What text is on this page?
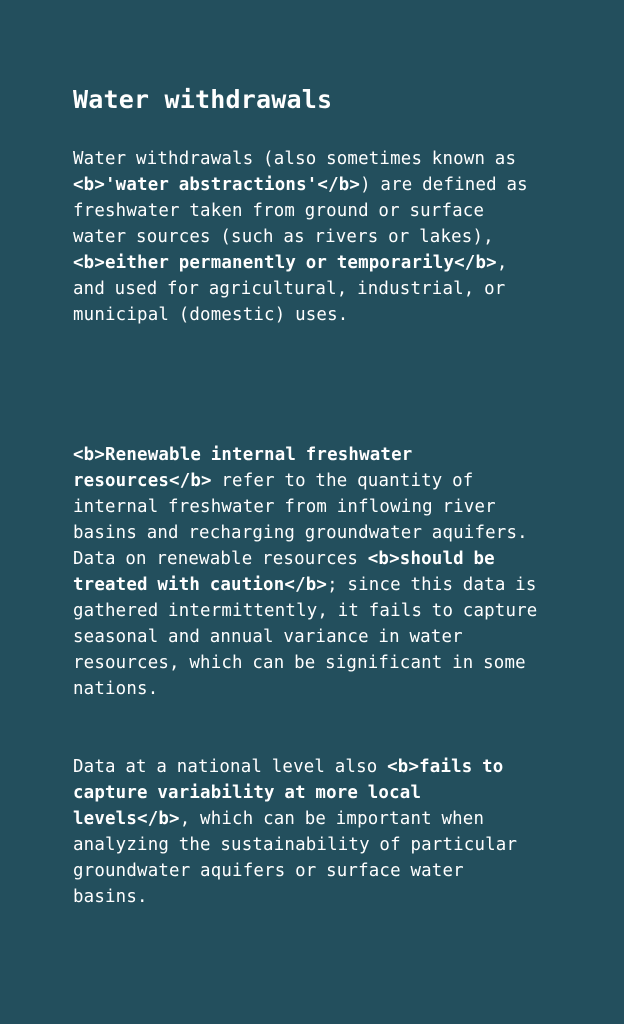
Water withdrawals

Water withdrawals (also sometimes known as <b>'water abstractions'</b>) are defined as freshwater taken from ground or surface water sources (such as rivers or lakes), <b>either permanently or temporarily</b>, and used for agricultural, industrial, or municipal (domestic) uses.

<b>Renewable internal freshwater resources</b> refer to the quantity of internal freshwater from inflowing river basins and recharging groundwater aquifers. Data on renewable resources <b>should be treated with caution</b>; since this data is gathered intermittently, it fails to capture seasonal and annual variance in water resources, which can be significant in some nations.

Data at a national level also <b>fails to capture variability at more local levels</b>, which can be important when analyzing the sustainability of particular groundwater aquifers or surface water basins.
